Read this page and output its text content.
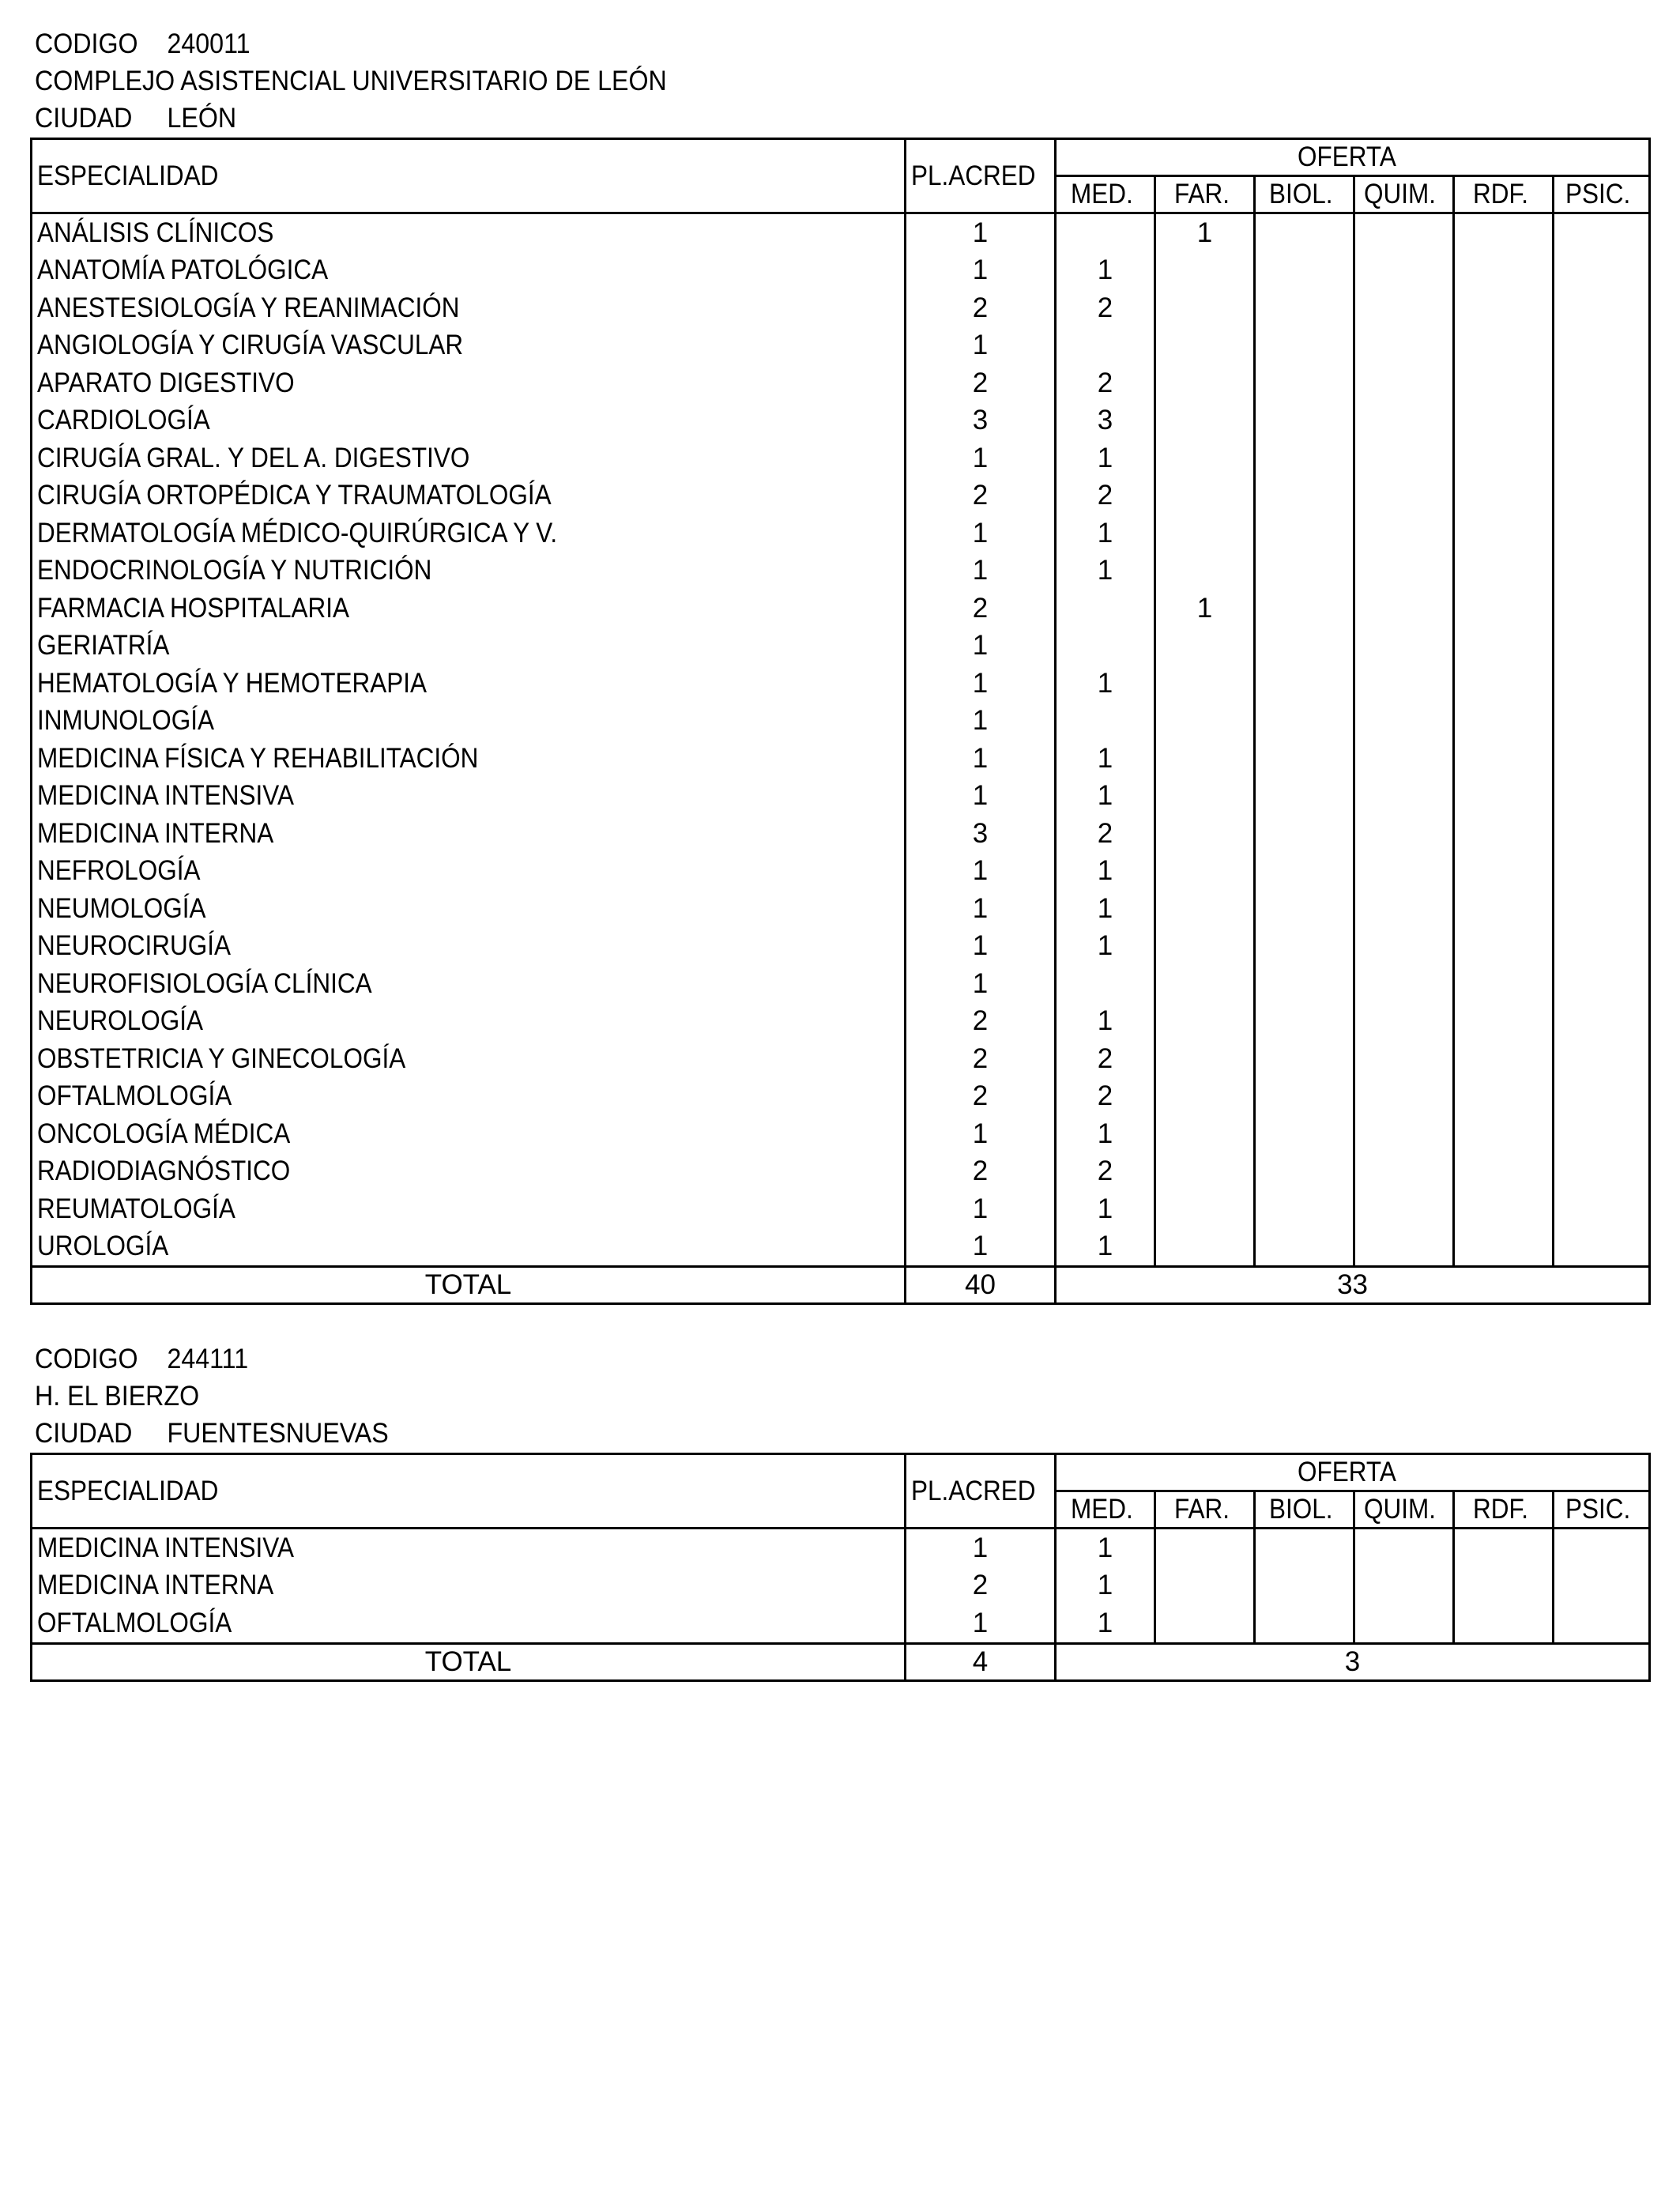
CODIGO 240011
COMPLEJO ASISTENCIAL UNIVERSITARIO DE LEÓN
CIUDAD LEÓN
ESPECIALIDAD	PL.ACRED	OFERTA					
		MED.	FAR.	BIOL.	QUIM.	RDF.	PSIC.
ANÁLISIS CLÍNICOS	1		1				
ANATOMÍA PATOLÓGICA	1	1					
ANESTESIOLOGÍA Y REANIMACIÓN	2	2					
ANGIOLOGÍA Y CIRUGÍA VASCULAR	1						
APARATO DIGESTIVO	2	2					
CARDIOLOGÍA	3	3					
CIRUGÍA GRAL. Y DEL A. DIGESTIVO	1	1					
CIRUGÍA ORTOPÉDICA Y TRAUMATOLOGÍA	2	2					
DERMATOLOGÍA MÉDICO-QUIRÚRGICA Y V.	1	1					
ENDOCRINOLOGÍA Y NUTRICIÓN	1	1					
FARMACIA HOSPITALARIA	2		1				
GERIATRÍA	1						
HEMATOLOGÍA Y HEMOTERAPIA	1	1					
INMUNOLOGÍA	1						
MEDICINA FÍSICA Y REHABILITACIÓN	1	1					
MEDICINA INTENSIVA	1	1					
MEDICINA INTERNA	3	2					
NEFROLOGÍA	1	1					
NEUMOLOGÍA	1	1					
NEUROCIRUGÍA	1	1					
NEUROFISIOLOGÍA CLÍNICA	1						
NEUROLOGÍA	2	1					
OBSTETRICIA Y GINECOLOGÍA	2	2					
OFTALMOLOGÍA	2	2					
ONCOLOGÍA MÉDICA	1	1					
RADIODIAGNÓSTICO	2	2					
REUMATOLOGÍA	1	1					
UROLOGÍA	1	1					
TOTAL	40	33					
CODIGO 244111
H. EL BIERZO
CIUDAD FUENTESNUEVAS
ESPECIALIDAD	PL.ACRED	OFERTA					
		MED.	FAR.	BIOL.	QUIM.	RDF.	PSIC.
MEDICINA INTENSIVA	1	1					
MEDICINA INTERNA	2	1					
OFTALMOLOGÍA	1	1					
TOTAL	4	3					
